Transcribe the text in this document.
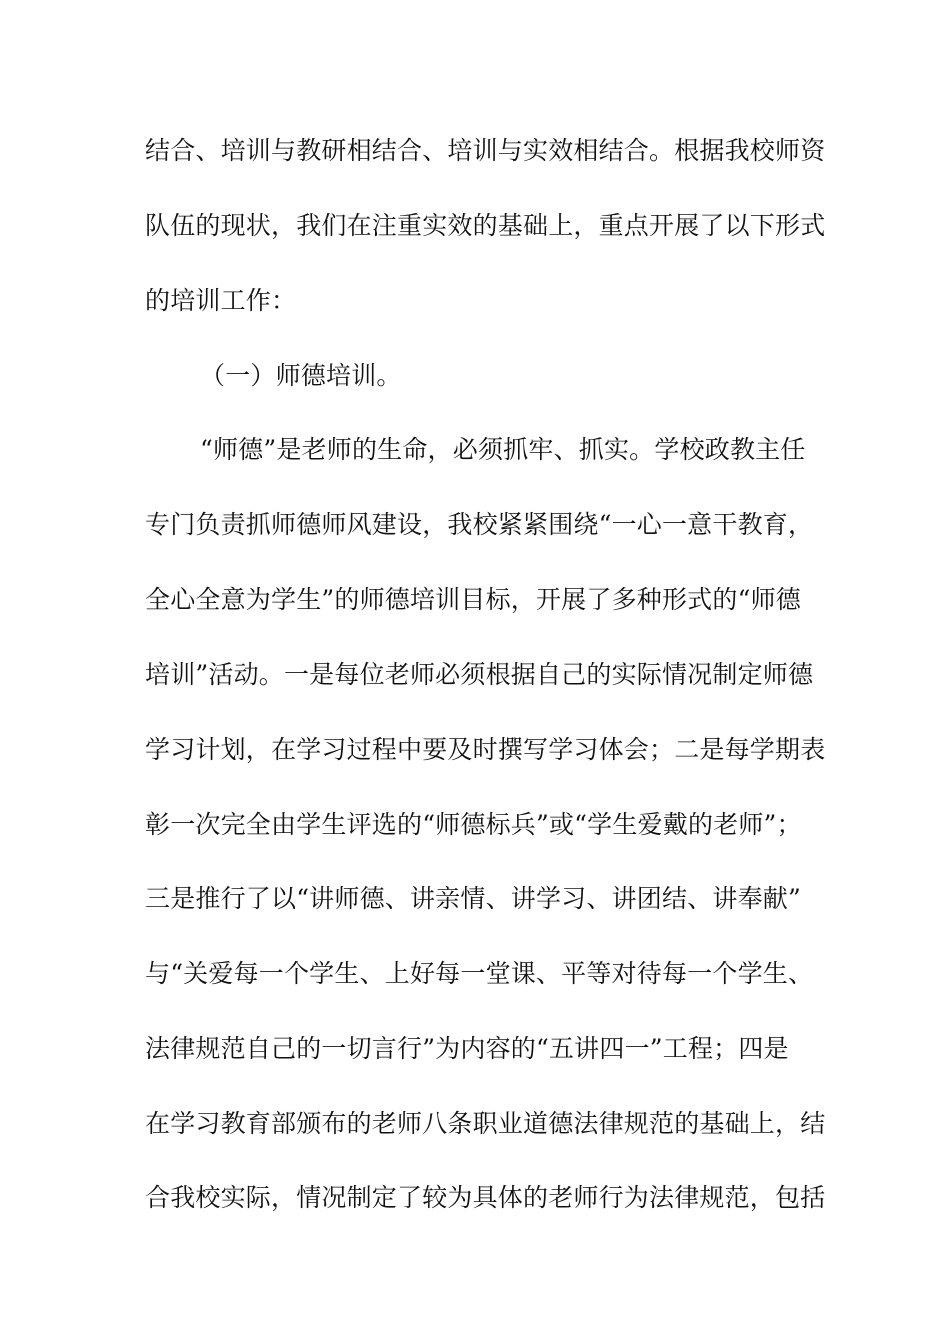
结合、培训与教研相结合、培训与实效相结合。根据我校师资
队伍的现状，我们在注重实效的基础上，重点开展了以下形式
的培训工作：
（一）师德培训。
“师德”是老师的生命，必须抓牢、抓实。学校政教主任
专门负责抓师德师风建设，我校紧紧围绕“一心一意干教育，
全心全意为学生”的师德培训目标，开展了多种形式的“师德
培训”活动。一是每位老师必须根据自己的实际情况制定师德
学习计划，在学习过程中要及时撰写学习体会；二是每学期表
彰一次完全由学生评选的“师德标兵”或“学生爱戴的老师”；
三是推行了以“讲师德、讲亲情、讲学习、讲团结、讲奉献”
与“关爱每一个学生、上好每一堂课、平等对待每一个学生、
法律规范自己的一切言行”为内容的“五讲四一”工程；四是
在学习教育部颁布的老师八条职业道德法律规范的基础上，结
合我校实际，情况制定了较为具体的老师行为法律规范，包括
